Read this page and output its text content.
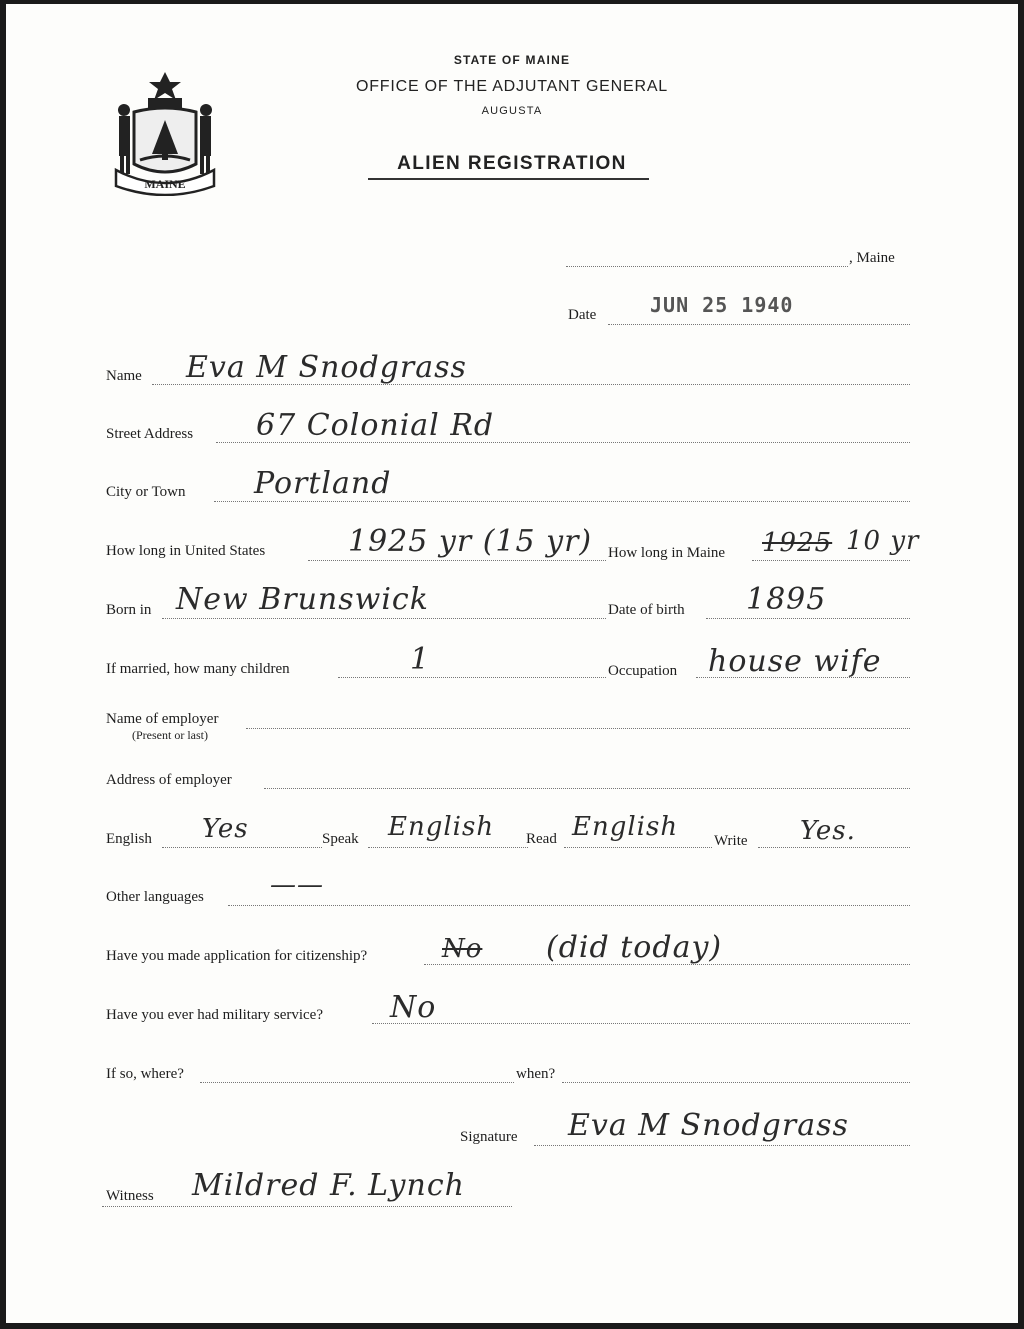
MAINE
STATE OF MAINE
OFFICE OF THE ADJUTANT GENERAL
AUGUSTA
ALIEN REGISTRATION
, Maine
Date	JUN 25 1940
Name Eva M Snodgrass
Street Address 67 Colonial Rd
City or Town Portland
How long in United States	1925 yr (15 yr) How long in Maine 1925 10 yr
Born in New Brunswick	Date of birth 1895
If married, how many children	1	Occupation house wife
Name of employer
(Present or last)
Address of employer
English Yes	Speak English Read English Write Yes.
Other languages	——
Have you made application for citizenship?	No (did today)
Have you ever had military service? No
If so, where?	when?
Signature Eva M Snodgrass
Witness Mildred F. Lynch
